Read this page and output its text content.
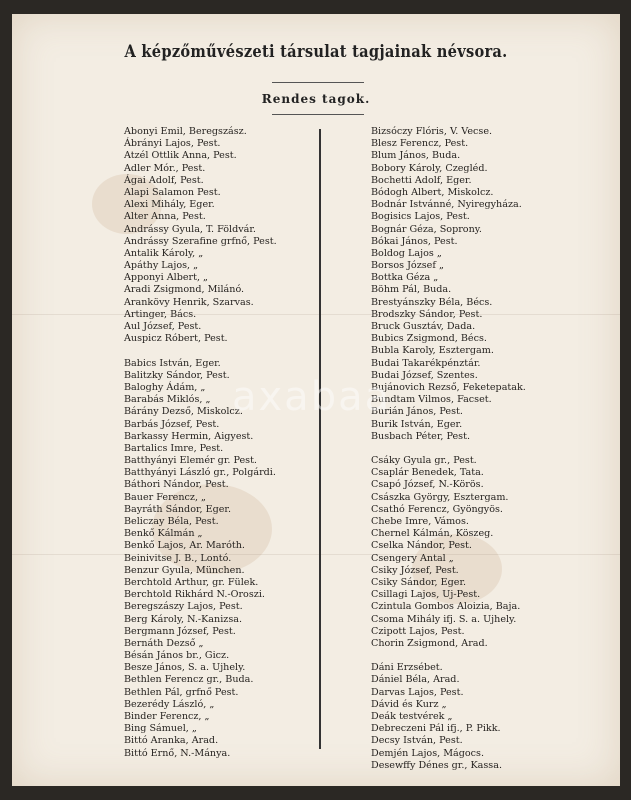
A képzőművészeti társulat tagjainak névsora.
Rendes tagok.
Abonyi Emil, Beregszász.
Ábrányi Lajos, Pest.
Atzél Ottlik Anna, Pest.
Adler Mór., Pest.
Ágai Adolf, Pest.
Alapi Salamon Pest.
Alexi Mihály, Eger.
Alter Anna, Pest.
Andrássy Gyula, T. Földvár.
Andrássy Szerafine grfnő, Pest.
Antalik Károly, „
Apáthy Lajos, „
Apponyi Albert, „
Aradi Zsigmond, Milánó.
Arankövy Henrik, Szarvas.
Artinger, Bács.
Aul József, Pest.
Auspicz Róbert, Pest.
Babics István, Eger.
Balitzky Sándor, Pest.
Baloghy Ádám, „
Barabás Miklós, „
Bárány Dezső, Miskolcz.
Barbás József, Pest.
Barkassy Hermin, Aigyest.
Bartalics Imre, Pest.
Batthyányi Elemér gr. Pest.
Batthyányi László gr., Polgárdi.
Báthori Nándor, Pest.
Bauer Ferencz, „
Bayráth Sándor, Eger.
Beliczay Béla, Pest.
Benkő Kálmán „
Benkő Lajos, Ar. Maróth.
Beinivitse J. B., Lontó.
Benzur Gyula, München.
Berchtold Arthur, gr. Fülek.
Berchtold Rikhárd N.-Oroszi.
Beregszászy Lajos, Pest.
Berg Károly, N.-Kanizsa.
Bergmann József, Pest.
Bernáth Dezső „
Bésán János br., Gicz.
Besze János, S. a. Ujhely.
Bethlen Ferencz gr., Buda.
Bethlen Pál, grfnő Pest.
Bezerédy László, „
Binder Ferencz, „
Bing Sámuel, „
Bittó Aranka, Arad.
Bittó Ernő, N.-Mánya.
Bizsóczy Flóris, V. Vecse.
Blesz Ferencz, Pest.
Blum János, Buda.
Bobory Károly, Czegléd.
Bochetti Adolf, Eger.
Bódogh Albert, Miskolcz.
Bodnár Istvánné, Nyiregyháza.
Bogisics Lajos, Pest.
Bognár Géza, Soprony.
Bókai János, Pest.
Boldog Lajos „
Borsos József „
Bottka Géza „
Böhm Pál, Buda.
Brestyánszky Béla, Bécs.
Brodszky Sándor, Pest.
Bruck Gusztáv, Dada.
Bubics Zsigmond, Bécs.
Bubla Karoly, Esztergam.
Budai Takarékpénztár.
Budai József, Szentes.
Bujánovich Rezső, Feketepatak.
Bundtam Vilmos, Facset.
Burián János, Pest.
Burik István, Eger.
Busbach Péter, Pest.
Csáky Gyula gr., Pest.
Csaplár Benedek, Tata.
Csapó József, N.-Körös.
Császka György, Esztergam.
Csathó Ferencz, Gyöngyös.
Chebe Imre, Vámos.
Chernel Kálmán, Köszeg.
Cselka Nándor, Pest.
Csengery Antal „
Csiky József, Pest.
Csiky Sándor, Eger.
Csillagi Lajos, Uj-Pest.
Czintula Gombos Aloizia, Baja.
Csoma Mihály ifj. S. a. Ujhely.
Czipott Lajos, Pest.
Chorin Zsigmond, Arad.
Dáni Erzsébet.
Dániel Béla, Arad.
Darvas Lajos, Pest.
Dávid és Kurz „
Deák testvérek „
Debreczeni Pál ifj., P. Pikk.
Decsy István, Pest.
Demjén Lajos, Mágocs.
Desewffy Dénes gr., Kassa.
axabaa
